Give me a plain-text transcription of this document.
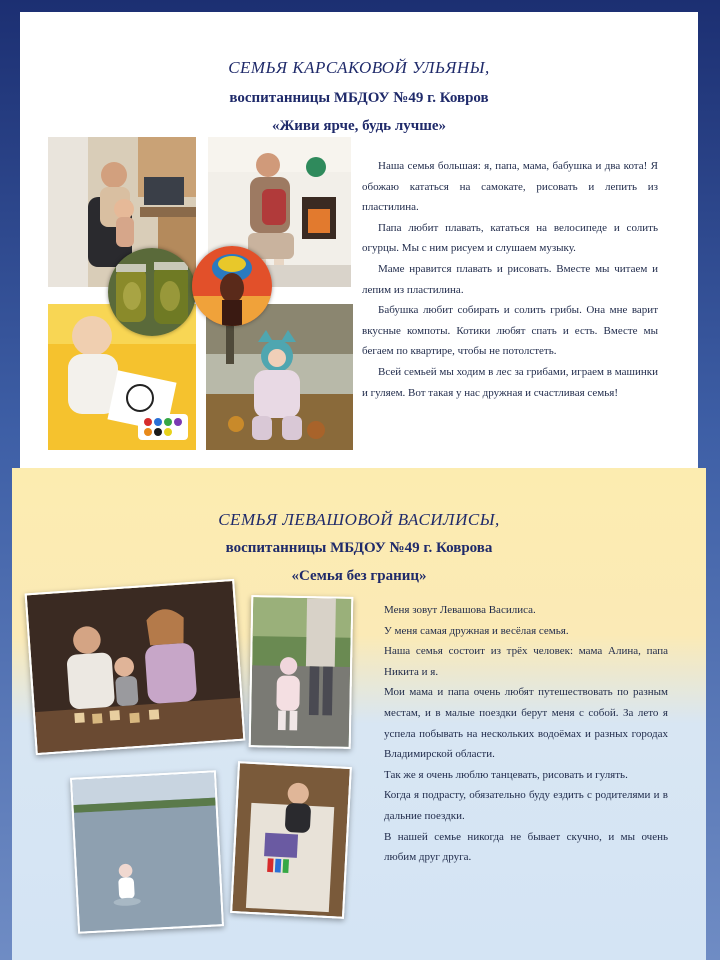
СЕМЬЯ КАРСАКОВОЙ УЛЬЯНЫ,
воспитанницы МБДОУ №49 г. Ковров
«Живи ярче, будь лучше»

Наша семья большая: я, папа, мама, бабушка и два кота! Я обожаю кататься на самокате, рисовать и лепить из пластилина.

Папа любит плавать, кататься на велосипеде и солить огурцы. Мы с ним рисуем и слушаем музыку.

Маме нравится плавать и рисовать. Вместе мы читаем и лепим из пластилина.

Бабушка любит собирать и солить грибы. Она мне варит вкусные компоты. Котики любят спать и есть. Вместе мы бегаем по квартире, чтобы не потолстеть.

Всей семьей мы ходим в лес за грибами, играем в машинки и гуляем. Вот такая у нас дружная и счастливая семья!

СЕМЬЯ ЛЕВАШОВОЙ ВАСИЛИСЫ,
воспитанницы МБДОУ №49 г. Коврова
«Семья без границ»

Меня зовут Левашова Василиса.

У меня самая дружная и весёлая семья.

Наша семья состоит из трёх человек: мама Алина, папа Никита и я.

Мои мама и папа очень любят путешествовать по разным местам, и в малые поездки берут меня с собой. За лето я успела побывать на нескольких водоёмах и разных городах Владимирской области.

Так же я очень люблю танцевать, рисовать и гулять.

Когда я подрасту, обязательно буду ездить с родителями и в дальние поездки.

В нашей семье никогда не бывает скучно, и мы очень любим друг друга.
